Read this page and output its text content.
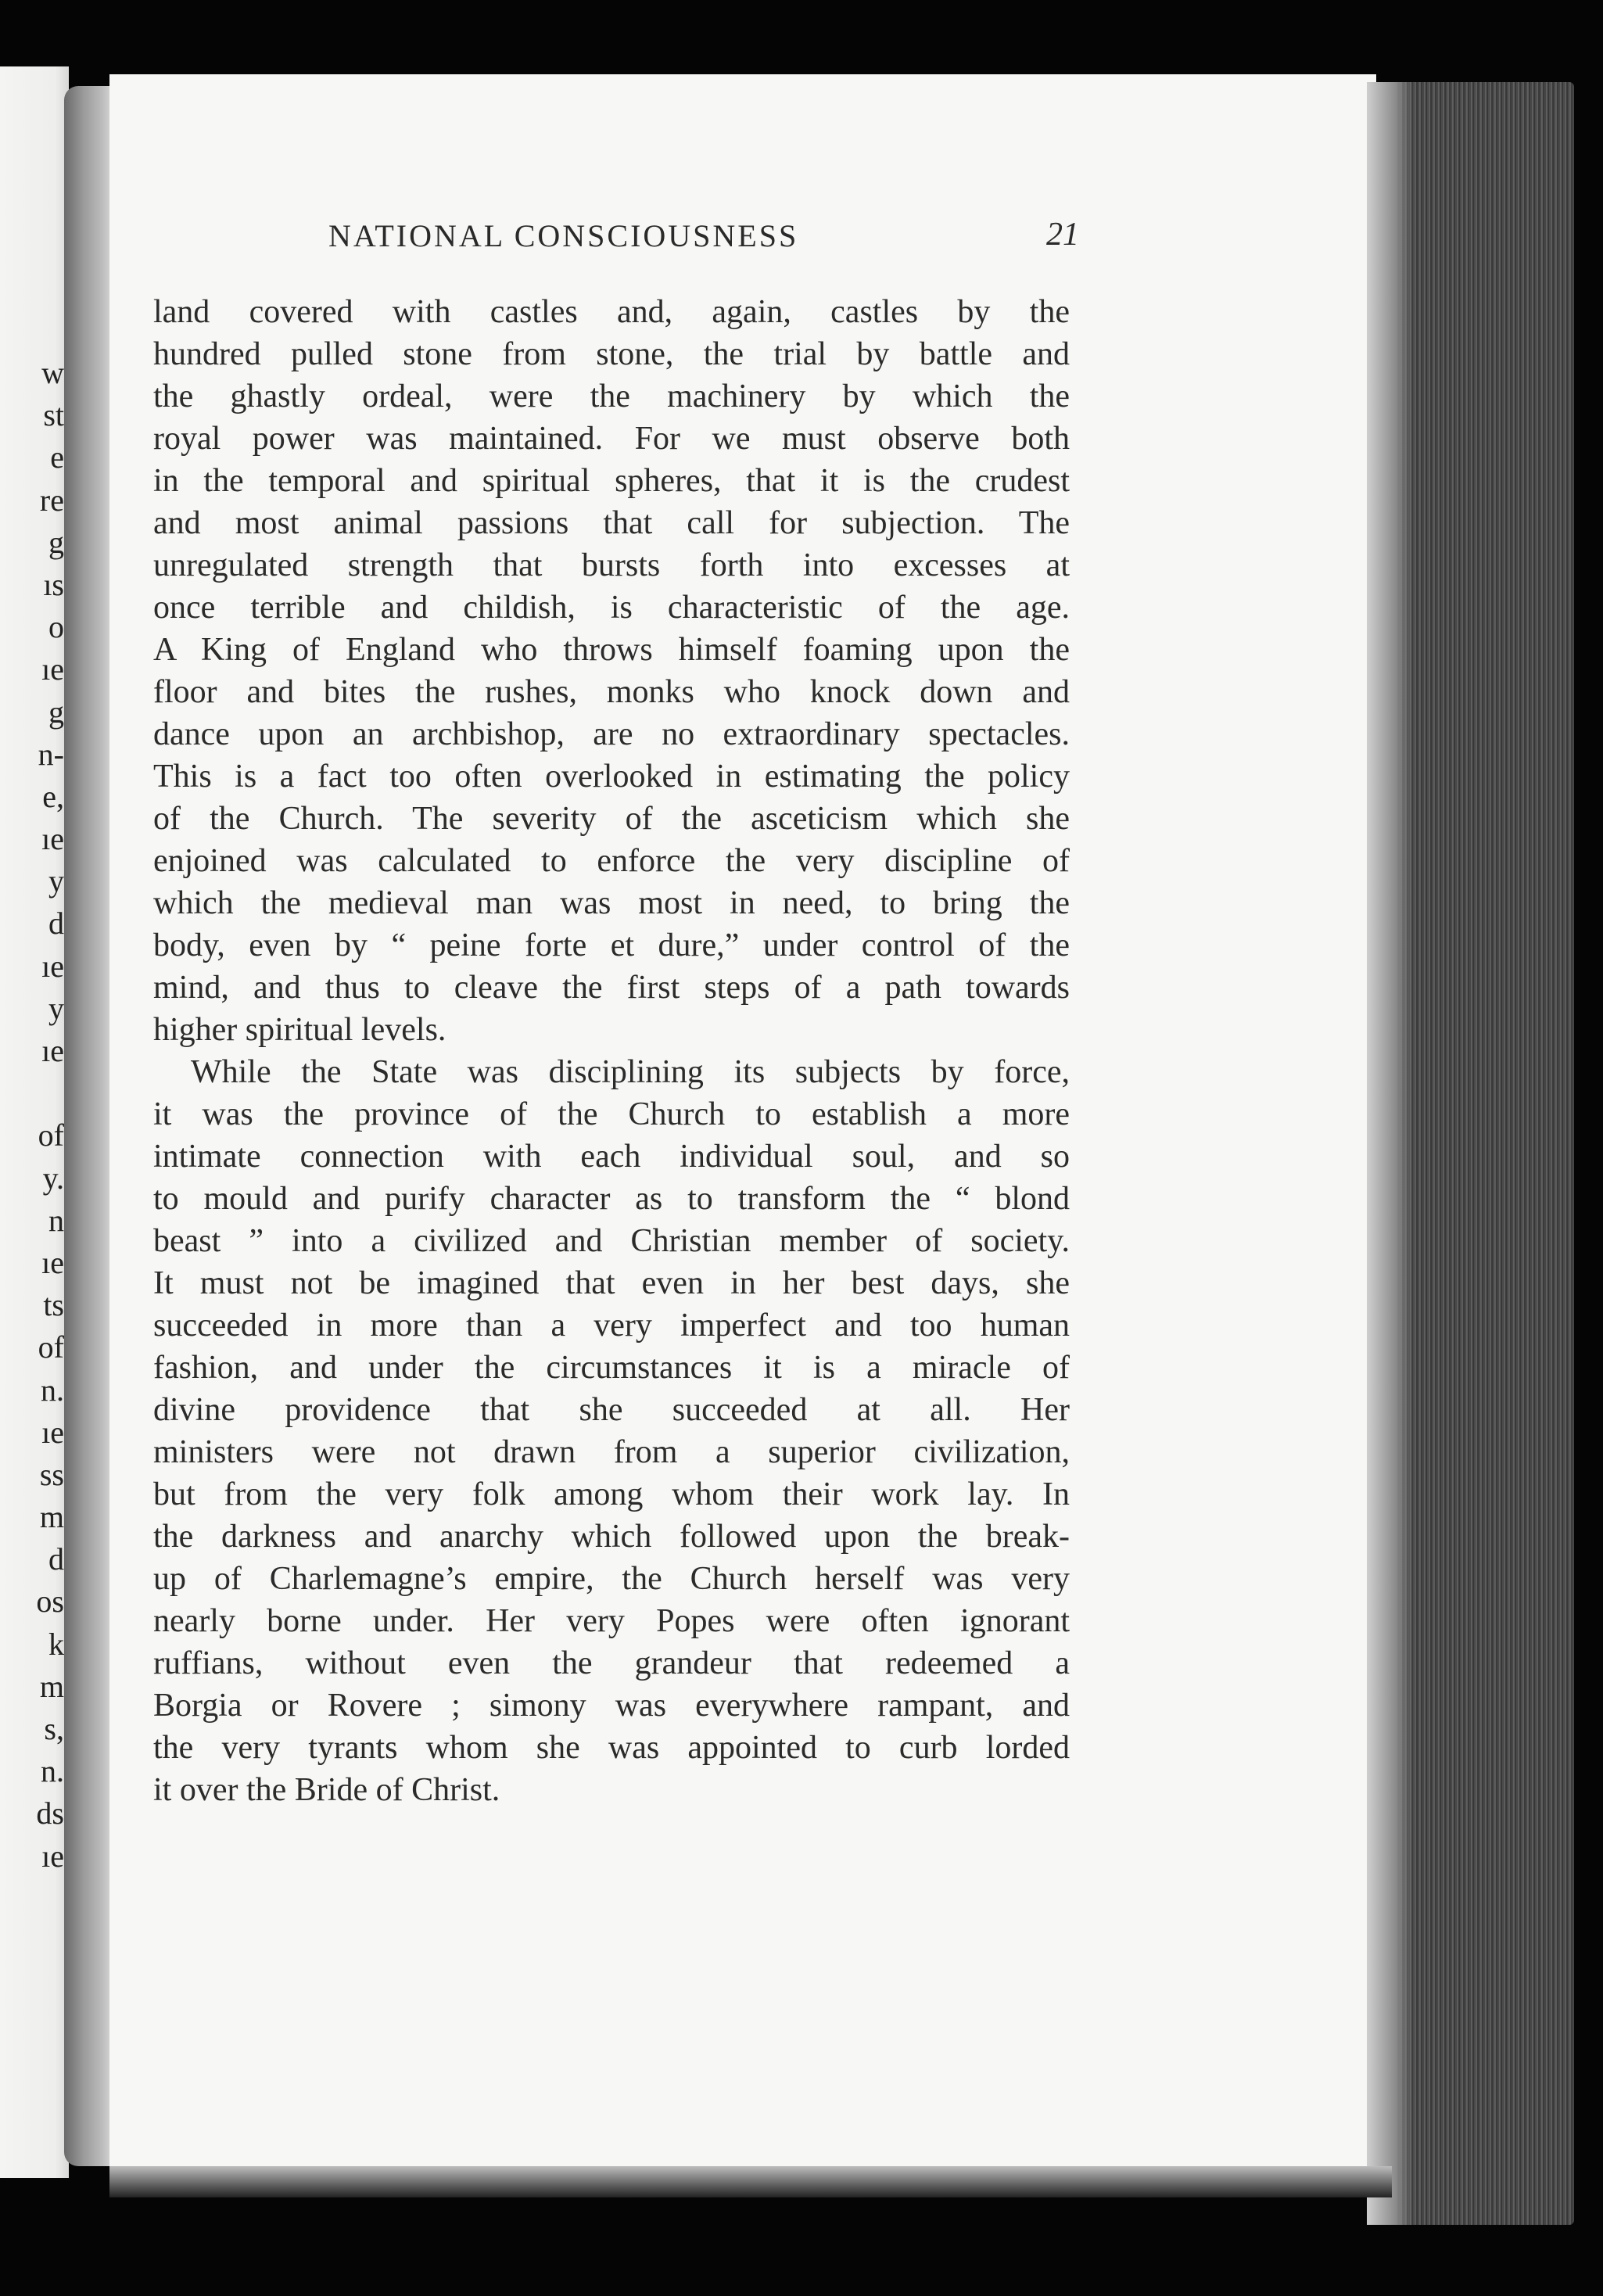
w
st
e
re
g
ıs
o
ıe
g
n-
e,
ıe
y
d
ıe
y
ıe
of
y.
n
ıe
ts
of
n.
ıe
ss
m
d
os
k
m
s,
n.
ds
ıe
NATIONAL CONSCIOUSNESS	21
land covered with castles and, again, castles by the
hundred pulled stone from stone, the trial by battle and
the ghastly ordeal, were the machinery by which the
royal power was maintained. For we must observe both
in the temporal and spiritual spheres, that it is the crudest
and most animal passions that call for subjection. The
unregulated strength that bursts forth into excesses at
once terrible and childish, is characteristic of the age.
A King of England who throws himself foaming upon the
floor and bites the rushes, monks who knock down and
dance upon an archbishop, are no extraordinary spectacles.
This is a fact too often overlooked in estimating the policy
of the Church. The severity of the asceticism which she
enjoined was calculated to enforce the very discipline of
which the medieval man was most in need, to bring the
body, even by “ peine forte et dure,” under control of the
mind, and thus to cleave the first steps of a path towards
higher spiritual levels.
While the State was disciplining its subjects by force,
it was the province of the Church to establish a more
intimate connection with each individual soul, and so
to mould and purify character as to transform the “ blond
beast ” into a civilized and Christian member of society.
It must not be imagined that even in her best days, she
succeeded in more than a very imperfect and too human
fashion, and under the circumstances it is a miracle of
divine providence that she succeeded at all. Her
ministers were not drawn from a superior civilization,
but from the very folk among whom their work lay. In
the darkness and anarchy which followed upon the break-
up of Charlemagne’s empire, the Church herself was very
nearly borne under. Her very Popes were often ignorant
ruffians, without even the grandeur that redeemed a
Borgia or Rovere ; simony was everywhere rampant, and
the very tyrants whom she was appointed to curb lorded
it over the Bride of Christ.
